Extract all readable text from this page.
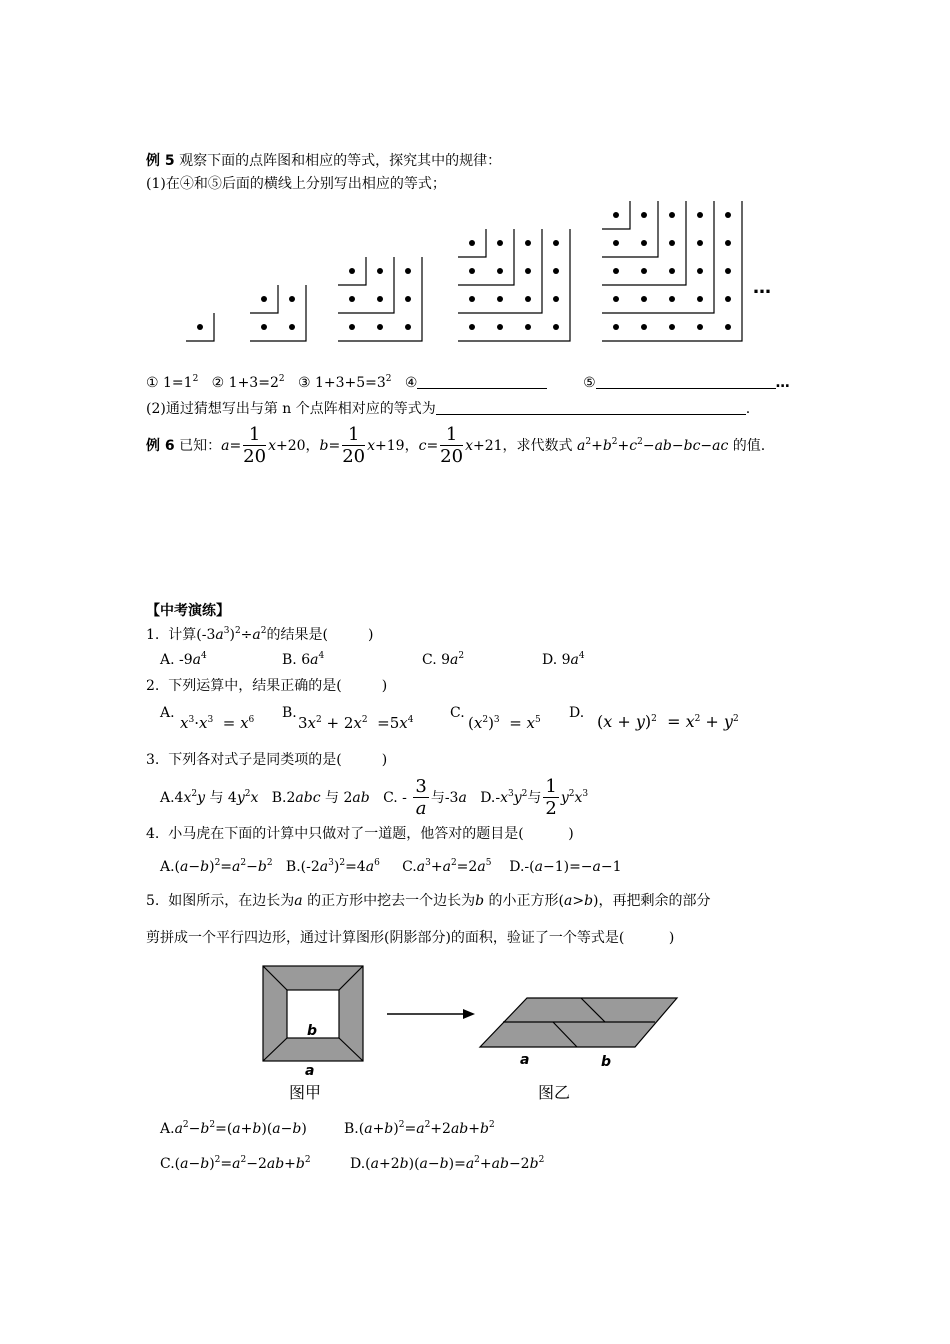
例 5 观察下面的点阵图和相应的等式，探究其中的规律：
(1)在④和⑤后面的横线上分别写出相应的等式；
…
① $1=1^2$ ② $1+3=2^2$ ③ $1+3+5=3^2$ ④	⑤	…
(2)通过猜想写出与第 n 个点阵相对应的等式为	.
例 6 已知：$a= \frac{1}{20} x+20$，$b= \frac{1}{20} x+19$，$c= \frac{1}{20} x+21$，求代数式 $a^2+b^2+c^2-ab-bc-ac$ 的值.
【中考演练】
1. 计算$(-3a^3)^2\div a^2$的结果是(	)
A. $-9a^4$	B. $6a^4$	C. $9a^2$	D. $9a^4$
2. 下列运算中，结果正确的是(	)
A.
$x^3\cdot x^3 = x^6$ B.
$3x^2 + 2x^2 =5x^4$	C.
$(x^2)^3 = x^5$ D. $(x + y)^2 = x^2 + y^2$
3. 下列各对式子是同类项的是(	)
$A.4x^2y$ 与 $4y^2x$ B.2abc 与 2ab C. - $\frac{3}{a}$ 与-3a $D.-x^3y^2$与 $\frac{1}{2} y^2x^3$
4. 小马虎在下面的计算中只做对了一道题，他答对的题目是(	)
$A.(a-b)^2=a^2-b^2$ $B.(-2a^3)^2=4a^6$ $C.a^3+a^2=2a^5$ D.-(a−1)=−a−1
5. 如图所示，在边长为a 的正方形中挖去一个边长为b 的小正方形(a>b)，再把剩余的部分
剪拼成一个平行四边形，通过计算图形(阴影部分)的面积，验证了一个等式是(	)
b
a
图甲
a	b
图乙
$A.a^2-b^2=(a+b)(a-b)$	$B.(a+b)^2=a^2+2ab+b^2$
$C.(a-b)^2=a^2-2ab+b^2$	$D.(a+2b)(a-b)=a^2+ab-2b^2$
